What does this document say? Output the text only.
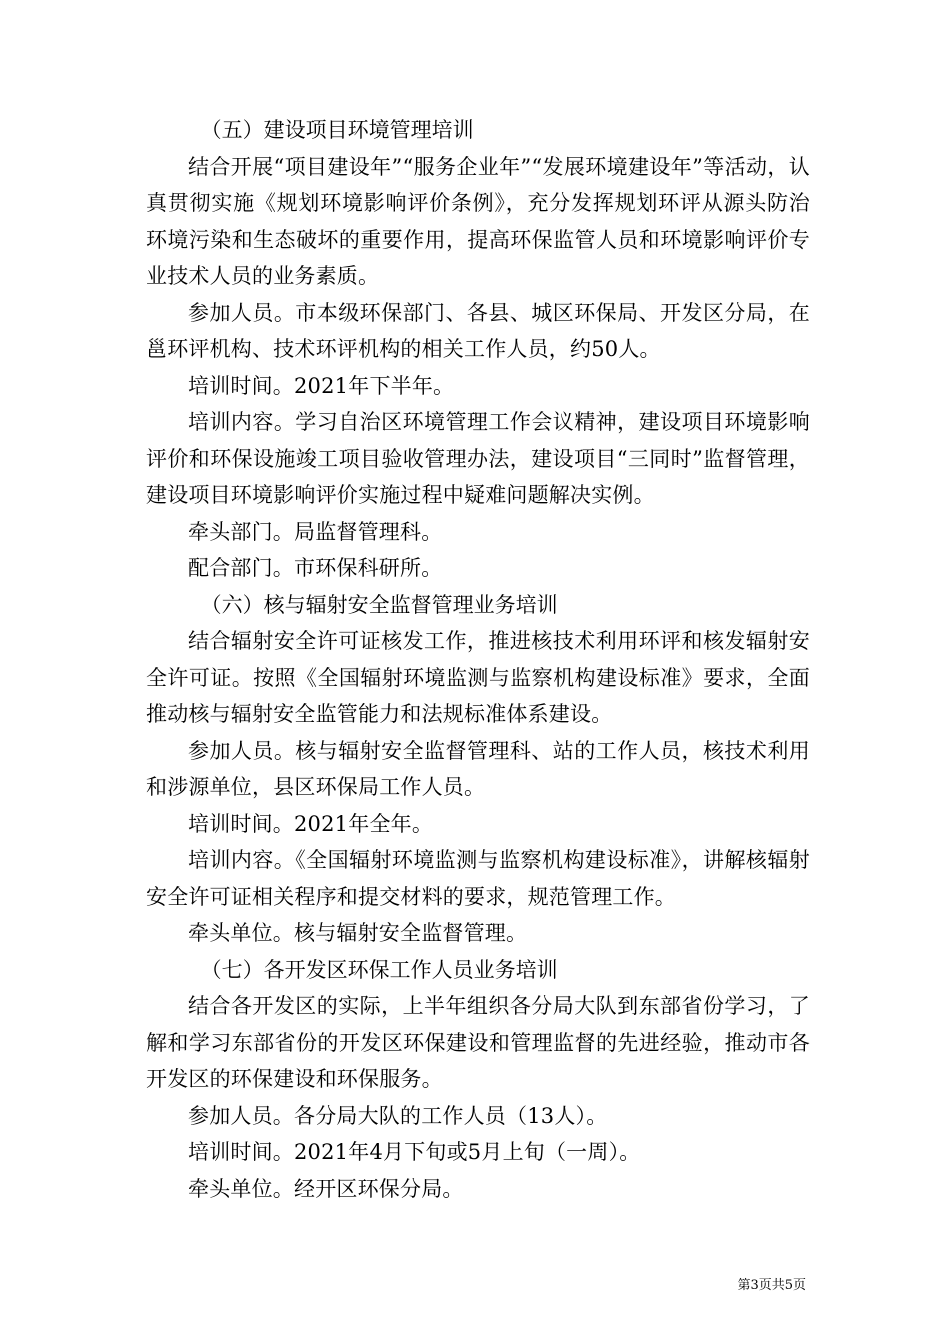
（五）建设项目环境管理培训

结合开展“项目建设年”“服务企业年”“发展环境建设年”等活动，认真贯彻实施《规划环境影响评价条例》，充分发挥规划环评从源头防治环境污染和生态破坏的重要作用，提高环保监管人员和环境影响评价专业技术人员的业务素质。

参加人员。市本级环保部门、各县、城区环保局、开发区分局，在邕环评机构、技术环评机构的相关工作人员，约50人。

培训时间。2021年下半年。

培训内容。学习自治区环境管理工作会议精神，建设项目环境影响评价和环保设施竣工项目验收管理办法，建设项目“三同时”监督管理，建设项目环境影响评价实施过程中疑难问题解决实例。

牵头部门。局监督管理科。

配合部门。市环保科研所。

（六）核与辐射安全监督管理业务培训

结合辐射安全许可证核发工作，推进核技术利用环评和核发辐射安全许可证。按照《全国辐射环境监测与监察机构建设标准》要求，全面推动核与辐射安全监管能力和法规标准体系建设。

参加人员。核与辐射安全监督管理科、站的工作人员，核技术利用和涉源单位，县区环保局工作人员。

培训时间。2021年全年。

培训内容。《全国辐射环境监测与监察机构建设标准》，讲解核辐射安全许可证相关程序和提交材料的要求，规范管理工作。

牵头单位。核与辐射安全监督管理。

（七）各开发区环保工作人员业务培训

结合各开发区的实际，上半年组织各分局大队到东部省份学习，了解和学习东部省份的开发区环保建设和管理监督的先进经验，推动市各开发区的环保建设和环保服务。

参加人员。各分局大队的工作人员（13人）。

培训时间。2021年4月下旬或5月上旬（一周）。

牵头单位。经开区环保分局。

第3页共5页
